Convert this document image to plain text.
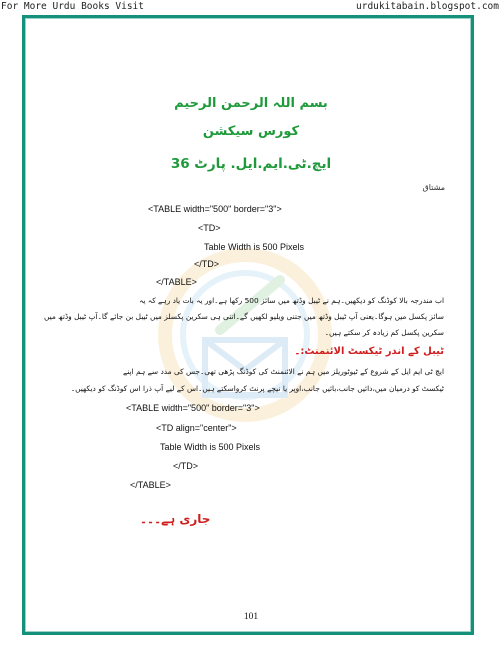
For More Urdu Books Visit	urdukitabain.blogspot.com
بسم اللہ الرحمن الرحیم
کورس سیکشن
ایچ.ٹی.ایم.ایل. پارٹ 36
مشتاق
<TABLE width="500" border="3">
<TD>
Table Width is 500 Pixels
</TD>
</TABLE>
اب مندرجہ بالا کوڈنگ کو دیکھیں۔ہم نے ٹیبل وڈتھ میں سائز 500 رکھا ہے۔اور یہ بات یاد رہے کہ یہ
سائز پکسل میں ہوگا۔یعنی آپ ٹیبل وڈتھ میں جتنی ویلیو لکھیں گے۔اتنی ہی سکرین پکسلز میں ٹیبل بن جائے گا۔آپ ٹیبل وڈتھ میں
سکرین پکسل کم زیادہ کر سکتے ہیں۔
ٹیبل کے اندر ٹیکسٹ الائنمنٹ:۔
ایچ ٹی ایم ایل کے شروع کے ٹیوٹوریلز میں ہم نے الائنمنٹ کی کوڈنگ پڑھی تھی۔جس کی مدد سے ہم اپنے
ٹیکسٹ کو درمیان میں،دائیں جانب،بائیں جانب،اوپر یا نیچے پرنٹ کرواسکتے ہیں۔اس کے لیے آپ ذرا اس کوڈنگ کو دیکھیں۔
<TABLE width="500" border="3">
<TD align="center">
Table Width is 500 Pixels
</TD>
</TABLE>
جاری ہے۔۔۔
101
